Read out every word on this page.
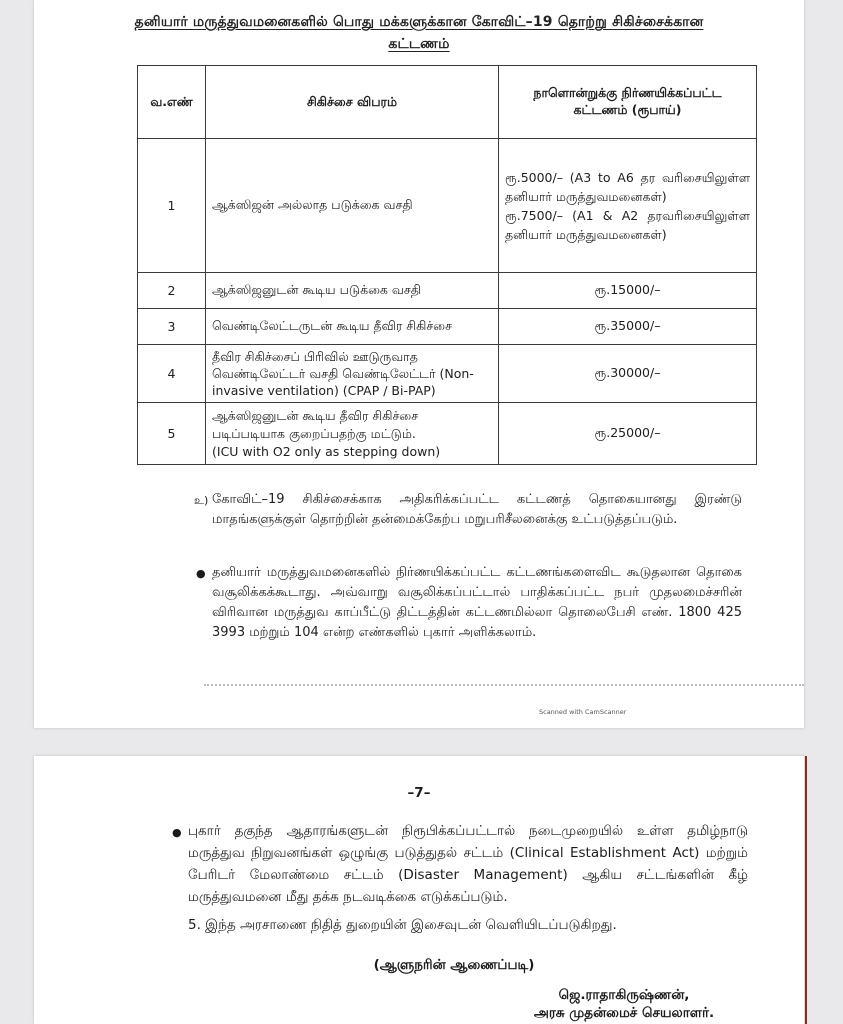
தனியார் மருத்துவமனைகளில் பொது மக்களுக்கான கோவிட்–19 தொற்று சிகிச்சைக்கான
கட்டணம்
வ.எண்	சிகிச்சை விபரம்	நாளொன்றுக்கு நிர்ணயிக்கப்பட்ட கட்டணம் (ரூபாய்)
1	ஆக்ஸிஜன் அல்லாத படுக்கை வசதி	ரூ.5000/– (A3 to A6 தர வரிசையிலுள்ள தனியார் மருத்துவமனைகள்)
ரூ.7500/– (A1 & A2 தரவரிசையிலுள்ள தனியார் மருத்துவமனைகள்)

2	ஆக்ஸிஜனுடன் கூடிய படுக்கை வசதி	ரூ.15000/–
3	வெண்டிலேட்டருடன் கூடிய தீவிர சிகிச்சை	ரூ.35000/–
4	தீவிர சிகிச்சைப் பிரிவில் ஊடுருவாத வெண்டிலேட்டர் வசதி வெண்டிலேட்டர் (Non-invasive ventilation) (CPAP / Bi-PAP)	ரூ.30000/–
5	ஆக்ஸிஜனுடன் கூடிய தீவிர சிகிச்சை படிப்படியாக குறைப்பதற்கு மட்டும்.
(ICU with O2 only as stepping down)	ரூ.25000/–
உ) கோவிட்–19 சிகிச்சைக்காக அதிகரிக்கப்பட்ட கட்டணத் தொகையானது இரண்டு மாதங்களுக்குள் தொற்றின் தன்மைக்கேற்ப மறுபரிசீலனைக்கு உட்படுத்தப்படும்.
● தனியார் மருத்துவமனைகளில் நிர்ணயிக்கப்பட்ட கட்டணங்களைவிட கூடுதலான தொகை வசூலிக்கக்கூடாது. அவ்வாறு வசூலிக்கப்பட்டால் பாதிக்கப்பட்ட நபர் முதலமைச்சரின் விரிவான மருத்துவ காப்பீட்டு திட்டத்தின் கட்டணமில்லா தொலைபேசி எண். 1800 425 3993 மற்றும் 104 என்ற எண்களில் புகார் அளிக்கலாம்.
Scanned with CamScanner
–7–
● புகார் தகுந்த ஆதாரங்களுடன் நிரூபிக்கப்பட்டால் நடைமுறையில் உள்ள தமிழ்நாடு மருத்துவ நிறுவனங்கள் ஒழுங்கு படுத்துதல் சட்டம் (Clinical Establishment Act) மற்றும் பேரிடர் மேலாண்மை சட்டம் (Disaster Management) ஆகிய சட்டங்களின் கீழ் மருத்துவமனை மீது தக்க நடவடிக்கை எடுக்கப்படும்.
5. இந்த அரசாணை நிதித் துறையின் இசைவுடன் வெளியிடப்படுகிறது.
(ஆளுநரின் ஆணைப்படி)
ஜெ.ராதாகிருஷ்ணன்,
அரசு முதன்மைச் செயலாளர்.
